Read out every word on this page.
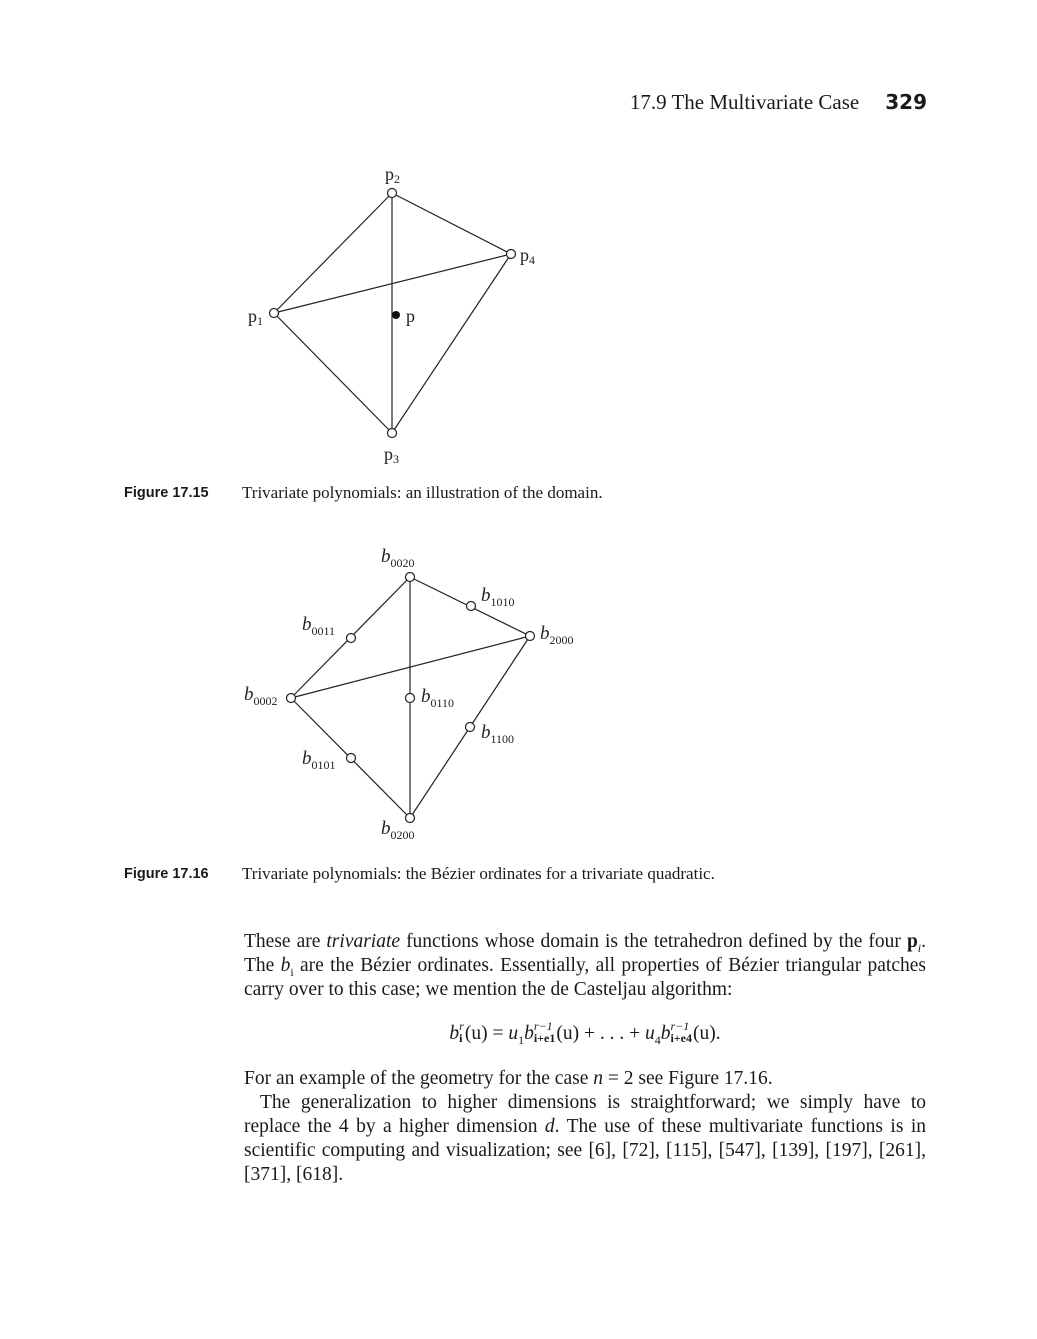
17.9 The Multivariate Case 329
p2
p4
p1
p3
p
Figure 17.15	Trivariate polynomials: an illustration of the domain.
$b_{0020}$
$b_{1010}$
$b_{0011}$	$b_{2000}$
$b_{0002}$	$b_{0110}$
$b_{1100}$
$b_{0101}$
$b_{0200}$
Figure 17.16	Trivariate polynomials: the Bézier ordinates for a trivariate quadratic.

These are trivariate functions whose domain is the tetrahedron defined by the four $p_i$. The $b_i$ are the Bézier ordinates. Essentially, all properties of Bézier triangular patches carry over to this case; we mention the de Casteljau algorithm:

b r
i $(u) = u_1b$ r−1
i+e1 (u) + . . . + $u_4b$ r−1
i+e4 (u).

For an example of the geometry for the case n = 2 see Figure 17.16.

The generalization to higher dimensions is straightforward; we simply have to replace the 4 by a higher dimension d. The use of these multivariate functions is in scientific computing and visualization; see [6], [72], [115], [547], [139], [197], [261], [371], [618].
